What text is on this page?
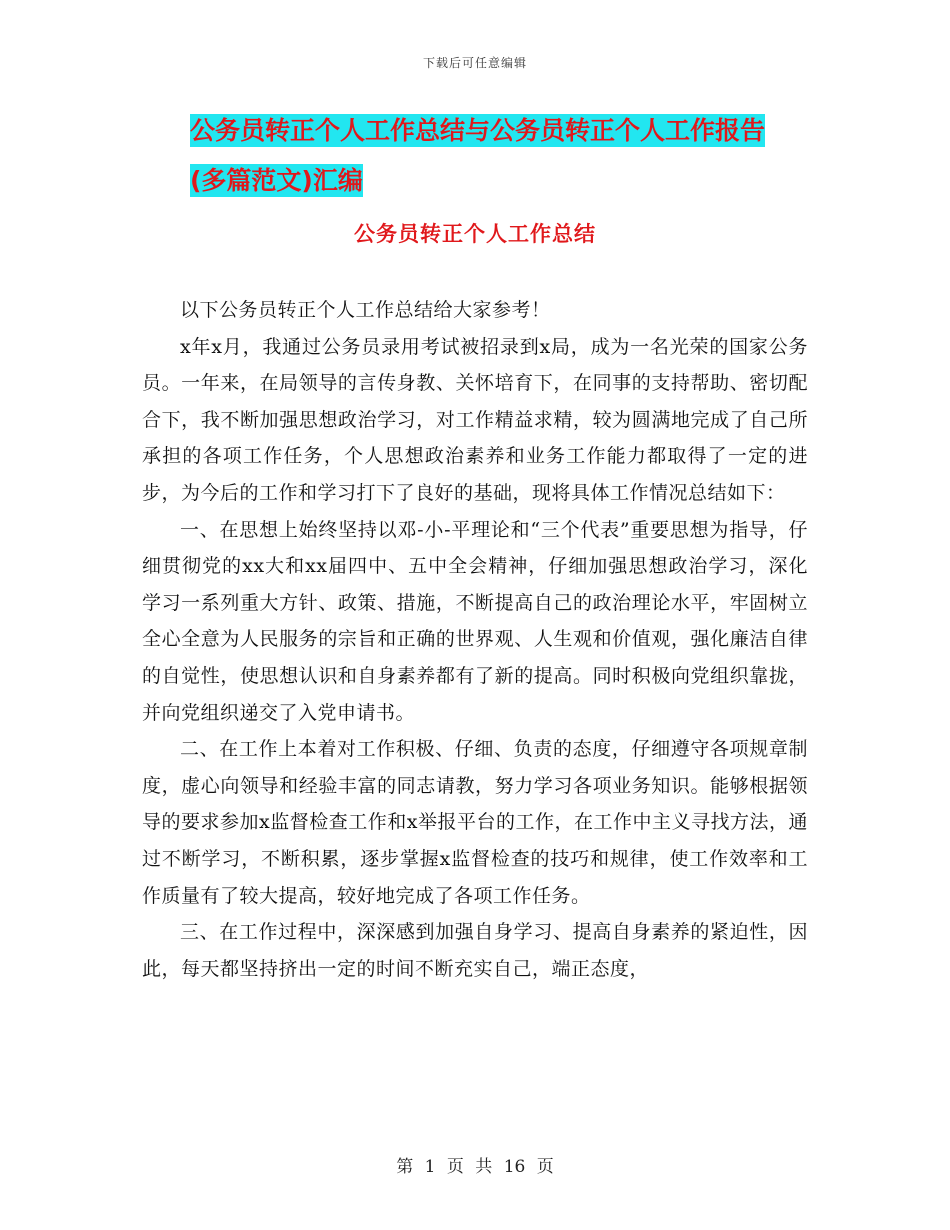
下载后可任意编辑
公务员转正个人工作总结与公务员转正个人工作报告
(多篇范文)汇编
公务员转正个人工作总结

以下公务员转正个人工作总结给大家参考！

x年x月，我通过公务员录用考试被招录到x局，成为一名光荣的国家公务员。一年来，在局领导的言传身教、关怀培育下，在同事的支持帮助、密切配合下，我不断加强思想政治学习，对工作精益求精，较为圆满地完成了自己所承担的各项工作任务，个人思想政治素养和业务工作能力都取得了一定的进步，为今后的工作和学习打下了良好的基础，现将具体工作情况总结如下：

一、在思想上始终坚持以邓-小-平理论和“三个代表”重要思想为指导，仔细贯彻党的xx大和xx届四中、五中全会精神，仔细加强思想政治学习，深化学习一系列重大方针、政策、措施，不断提高自己的政治理论水平，牢固树立全心全意为人民服务的宗旨和正确的世界观、人生观和价值观，强化廉洁自律的自觉性，使思想认识和自身素养都有了新的提高。同时积极向党组织靠拢，并向党组织递交了入党申请书。

二、在工作上本着对工作积极、仔细、负责的态度，仔细遵守各项规章制度，虚心向领导和经验丰富的同志请教，努力学习各项业务知识。能够根据领导的要求参加x监督检查工作和x举报平台的工作，在工作中主义寻找方法，通过不断学习，不断积累，逐步掌握x监督检查的技巧和规律，使工作效率和工作质量有了较大提高，较好地完成了各项工作任务。

三、在工作过程中，深深感到加强自身学习、提高自身素养的紧迫性，因此，每天都坚持挤出一定的时间不断充实自己，端正态度，

第 1 页 共 16 页
